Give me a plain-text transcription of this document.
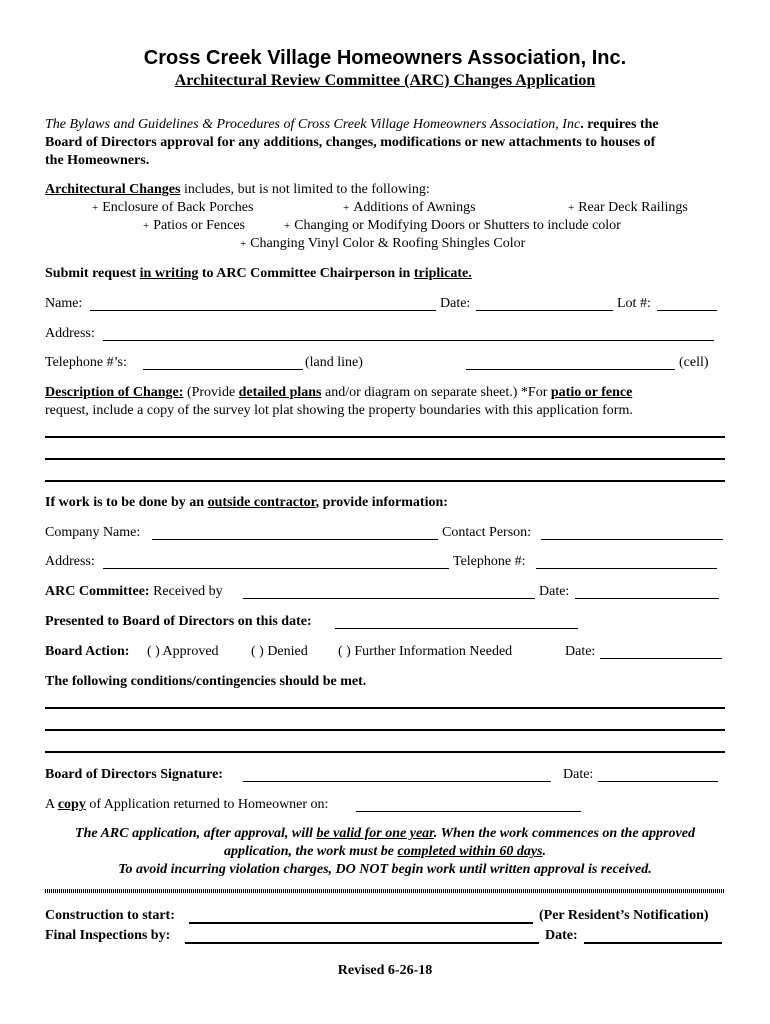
Cross Creek Village Homeowners Association, Inc.
Architectural Review Committee (ARC) Changes Application
The Bylaws and Guidelines & Procedures of Cross Creek Village Homeowners Association, Inc. requires the
Board of Directors approval for any additions, changes, modifications or new attachments to houses of
the Homeowners.
Architectural Changes includes, but is not limited to the following:
+ Enclosure of Back Porches	+ Additions of Awnings	+ Rear Deck Railings
+ Patios or Fences	+ Changing or Modifying Doors or Shutters to include color
+ Changing Vinyl Color & Roofing Shingles Color
Submit request in writing to ARC Committee Chairperson in triplicate.
Name:	Date:	Lot #:
Address:
Telephone #’s:	(land line)	(cell)
Description of Change: (Provide detailed plans and/or diagram on separate sheet.) *For patio or fence
request, include a copy of the survey lot plat showing the property boundaries with this application form.
If work is to be done by an outside contractor, provide information:
Company Name:	Contact Person:
Address:	Telephone #:
ARC Committee: Received by	Date:
Presented to Board of Directors on this date:
Board Action: ( ) Approved ( ) Denied ( ) Further Information Needed	Date:
The following conditions/contingencies should be met.
Board of Directors Signature:	Date:
A copy of Application returned to Homeowner on:
The ARC application, after approval, will be valid for one year. When the work commences on the approved
application, the work must be completed within 60 days.
To avoid incurring violation charges, DO NOT begin work until written approval is received.
Construction to start:	(Per Resident’s Notification)
Final Inspections by:	Date:
Revised 6-26-18
